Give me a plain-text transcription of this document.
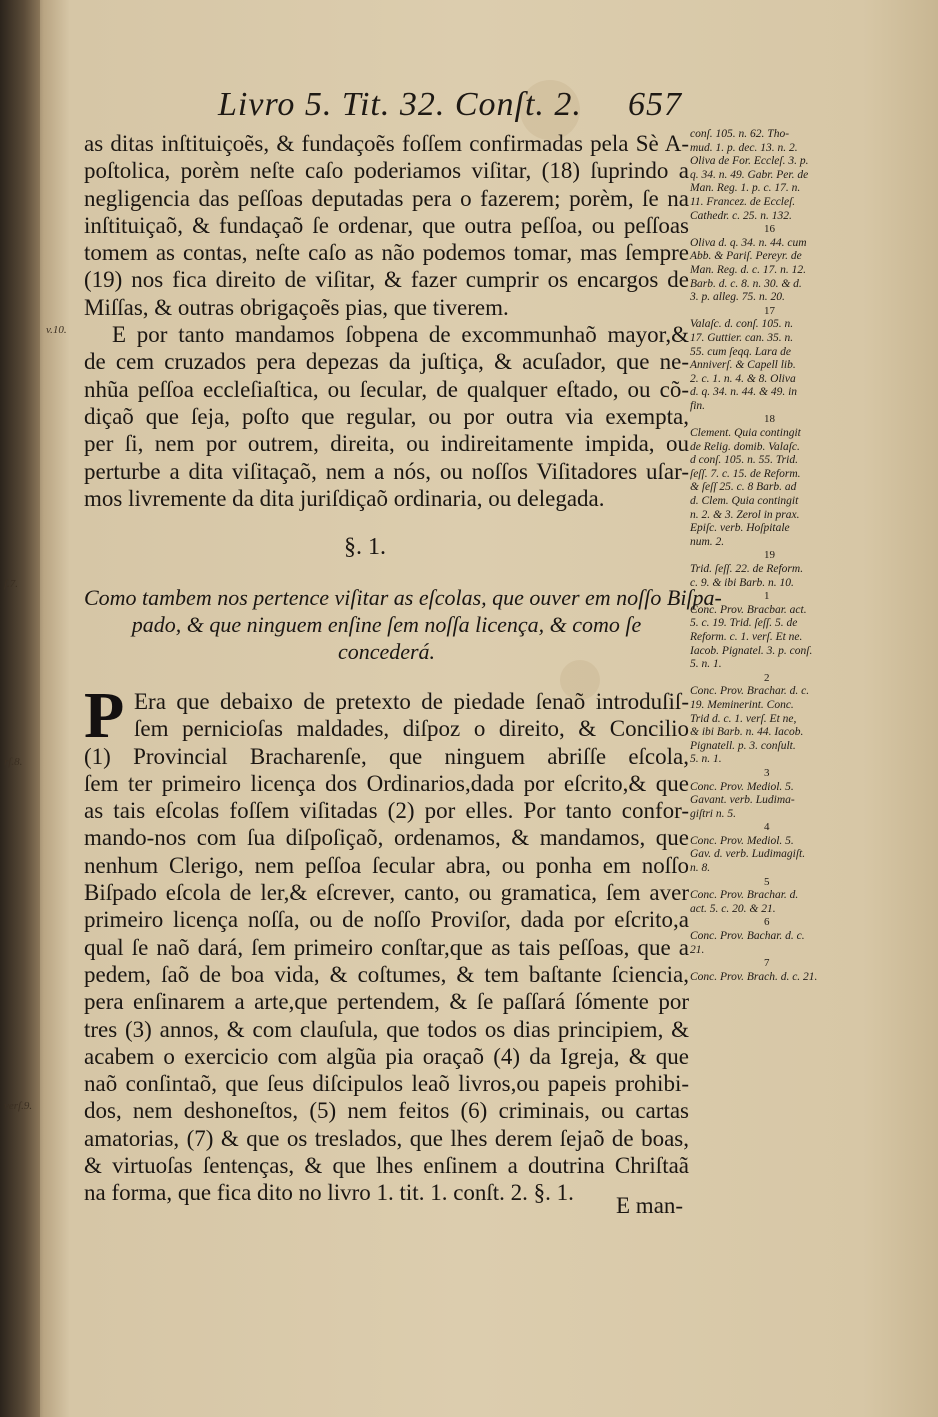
Livro 5. Tit. 32. Conſt. 2. 657
v.10.
ſ.7.
rſ.8.
verſ.9.
as ditas inſtituiçoẽs, & fundaçoẽs foſſem confirmadas pela Sè A-
poſtolica, porèm neſte caſo poderiamos viſitar, (18) ſuprindo a
negligencia das peſſoas deputadas pera o fazerem; porèm, ſe na
inſtituiçaõ, & fundaçaõ ſe ordenar, que outra peſſoa, ou peſſoas
tomem as contas, neſte caſo as não podemos tomar, mas ſempre
(19) nos fica direito de viſitar, & fazer cumprir os encargos de
Miſſas, & outras obrigaçoẽs pias, que tiverem.
E por tanto mandamos ſobpena de excommunhaõ mayor,&
de cem cruzados pera depezas da juſtiça, & acuſador, que ne-
nhũa peſſoa eccleſiaſtica, ou ſecular, de qualquer eſtado, ou cõ-
diçaõ que ſeja, poſto que regular, ou por outra via exempta,
per ſi, nem por outrem, direita, ou indireitamente impida, ou
perturbe a dita viſitaçaõ, nem a nós, ou noſſos Viſitadores uſar-
mos livremente da dita juriſdiçaõ ordinaria, ou delegada.
§. 1.
Como tambem nos pertence viſitar as eſcolas, que ouver em noſſo Biſpa-
pado, & que ninguem enſine ſem noſſa licença, & como ſe
concederá.
P Era que debaixo de pretexto de piedade ſenaõ introduſiſ-
ſem pernicioſas maldades, diſpoz o direito, & Concilio
(1) Provincial Bracharenſe, que ninguem abriſſe eſcola,
ſem ter primeiro licença dos Ordinarios,dada por eſcrito,& que
as tais eſcolas foſſem viſitadas (2) por elles. Por tanto confor-
mando-nos com ſua diſpoſiçaõ, ordenamos, & mandamos, que
nenhum Clerigo, nem peſſoa ſecular abra, ou ponha em noſſo
Biſpado eſcola de ler,& eſcrever, canto, ou gramatica, ſem aver
primeiro licença noſſa, ou de noſſo Proviſor, dada por eſcrito,a
qual ſe naõ dará, ſem primeiro conſtar,que as tais peſſoas, que a
pedem, ſaõ de boa vida, & coſtumes, & tem baſtante ſciencia,
pera enſinarem a arte,que pertendem, & ſe paſſará ſómente por
tres (3) annos, & com clauſula, que todos os dias principiem, &
acabem o exercicio com algũa pia oraçaõ (4) da Igreja, & que
naõ conſintaõ, que ſeus diſcipulos leaõ livros,ou papeis prohibi-
dos, nem deshoneſtos, (5) nem feitos (6) criminais, ou cartas
amatorias, (7) & que os treslados, que lhes derem ſejaõ de boas,
& virtuoſas ſentenças, & que lhes enſinem a doutrina Chriſtaã
na forma, que fica dito no livro 1. tit. 1. conſt. 2. §. 1.
E man-
conſ. 105. n. 62. Tho-
mud. 1. p. dec. 13. n. 2.
Oliva de For. Eccleſ. 3. p.
q. 34. n. 49. Gabr. Per. de
Man. Reg. 1. p. c. 17. n.
11. Francez. de Eccleſ.
Cathedr. c. 25. n. 132.
16
Oliva d. q. 34. n. 44. cum
Abb. & Pariſ. Pereyr. de
Man. Reg. d. c. 17. n. 12.
Barb. d. c. 8. n. 30. & d.
3. p. alleg. 75. n. 20.
17
Valaſc. d. conſ. 105. n.
17. Guttier. can. 35. n.
55. cum ſeqq. Lara de
Anniverſ. & Capell lib.
2. c. 1. n. 4. & 8. Oliva
d. q. 34. n. 44. & 49. in
fin.
18
Clement. Quia contingit
de Relig. domib. Valaſc.
d conſ. 105. n. 55. Trid.
ſeſſ. 7. c. 15. de Reform.
& ſeſſ 25. c. 8 Barb. ad
d. Clem. Quia contingit
n. 2. & 3. Zerol in prax.
Epiſc. verb. Hoſpitale
num. 2.
19
Trid. ſeſſ. 22. de Reform.
c. 9. & ibi Barb. n. 10.
1
Conc. Prov. Bracbar. act.
5. c. 19. Trid. ſeſſ. 5. de
Reform. c. 1. verſ. Et ne.
Iacob. Pignatel. 3. p. conſ.
5. n. 1.
2
Conc. Prov. Brachar. d. c.
19. Meminerint. Conc.
Trid d. c. 1. verſ. Et ne,
& ibi Barb. n. 44. Iacob.
Pignatell. p. 3. conſult.
5. n. 1.
3
Conc. Prov. Mediol. 5.
Gavant. verb. Ludima-
giſtri n. 5.
4
Conc. Prov. Mediol. 5.
Gav. d. verb. Ludimagiſt.
n. 8.
5
Conc. Prov. Brachar. d.
act. 5. c. 20. & 21.
6
Conc. Prov. Bachar. d. c.
21.
7
Conc. Prov. Brach. d. c. 21.
